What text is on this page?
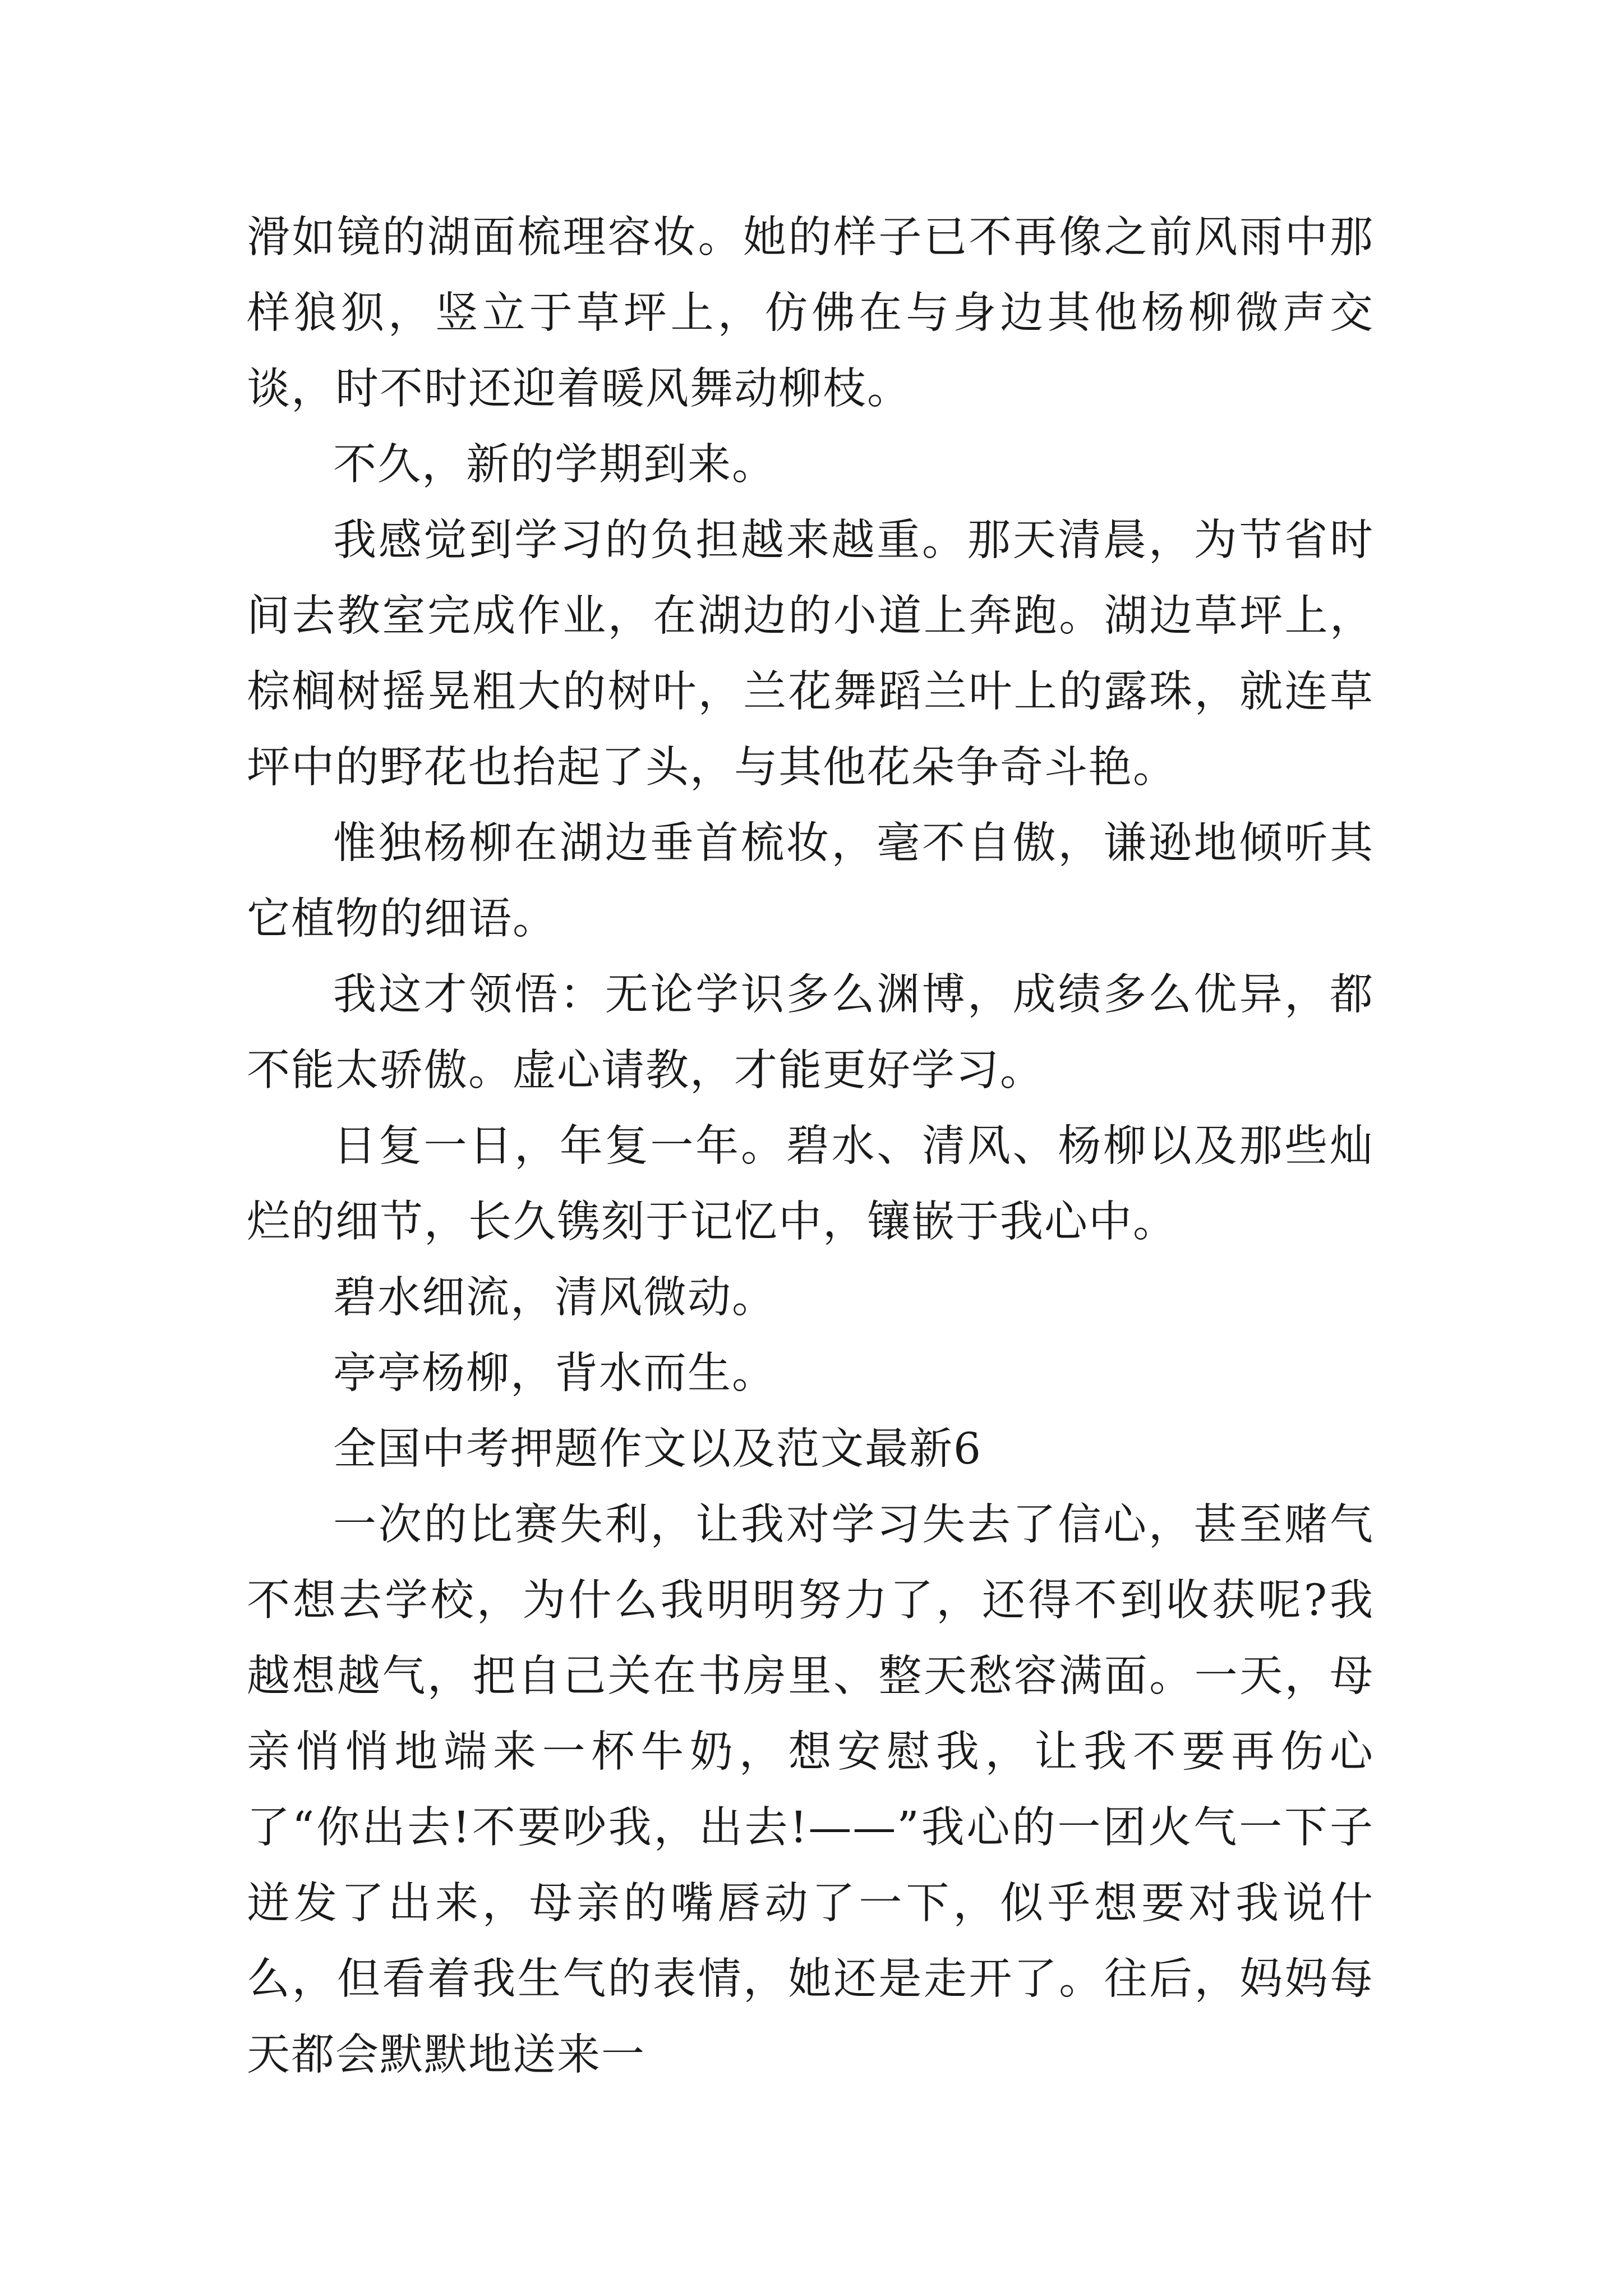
滑如镜的湖面梳理容妆。她的样子已不再像之前风雨中那样狼狈，竖立于草坪上，仿佛在与身边其他杨柳微声交谈，时不时还迎着暖风舞动柳枝。

不久，新的学期到来。

我感觉到学习的负担越来越重。那天清晨，为节省时间去教室完成作业，在湖边的小道上奔跑。湖边草坪上，棕榈树摇晃粗大的树叶，兰花舞蹈兰叶上的露珠，就连草坪中的野花也抬起了头，与其他花朵争奇斗艳。

惟独杨柳在湖边垂首梳妆，毫不自傲，谦逊地倾听其它植物的细语。

我这才领悟：无论学识多么渊博，成绩多么优异，都不能太骄傲。虚心请教，才能更好学习。

日复一日，年复一年。碧水、清风、杨柳以及那些灿烂的细节，长久镌刻于记忆中，镶嵌于我心中。

碧水细流，清风微动。

亭亭杨柳，背水而生。

全国中考押题作文以及范文最新6

一次的比赛失利，让我对学习失去了信心，甚至赌气不想去学校，为什么我明明努力了，还得不到收获呢?我越想越气，把自己关在书房里、整天愁容满面。一天，母亲悄悄地端来一杯牛奶，想安慰我，让我不要再伤心了“你出去!不要吵我，出去!——”我心的一团火气一下子迸发了出来，母亲的嘴唇动了一下，似乎想要对我说什么，但看着我生气的表情，她还是走开了。往后，妈妈每天都会默默地送来一
